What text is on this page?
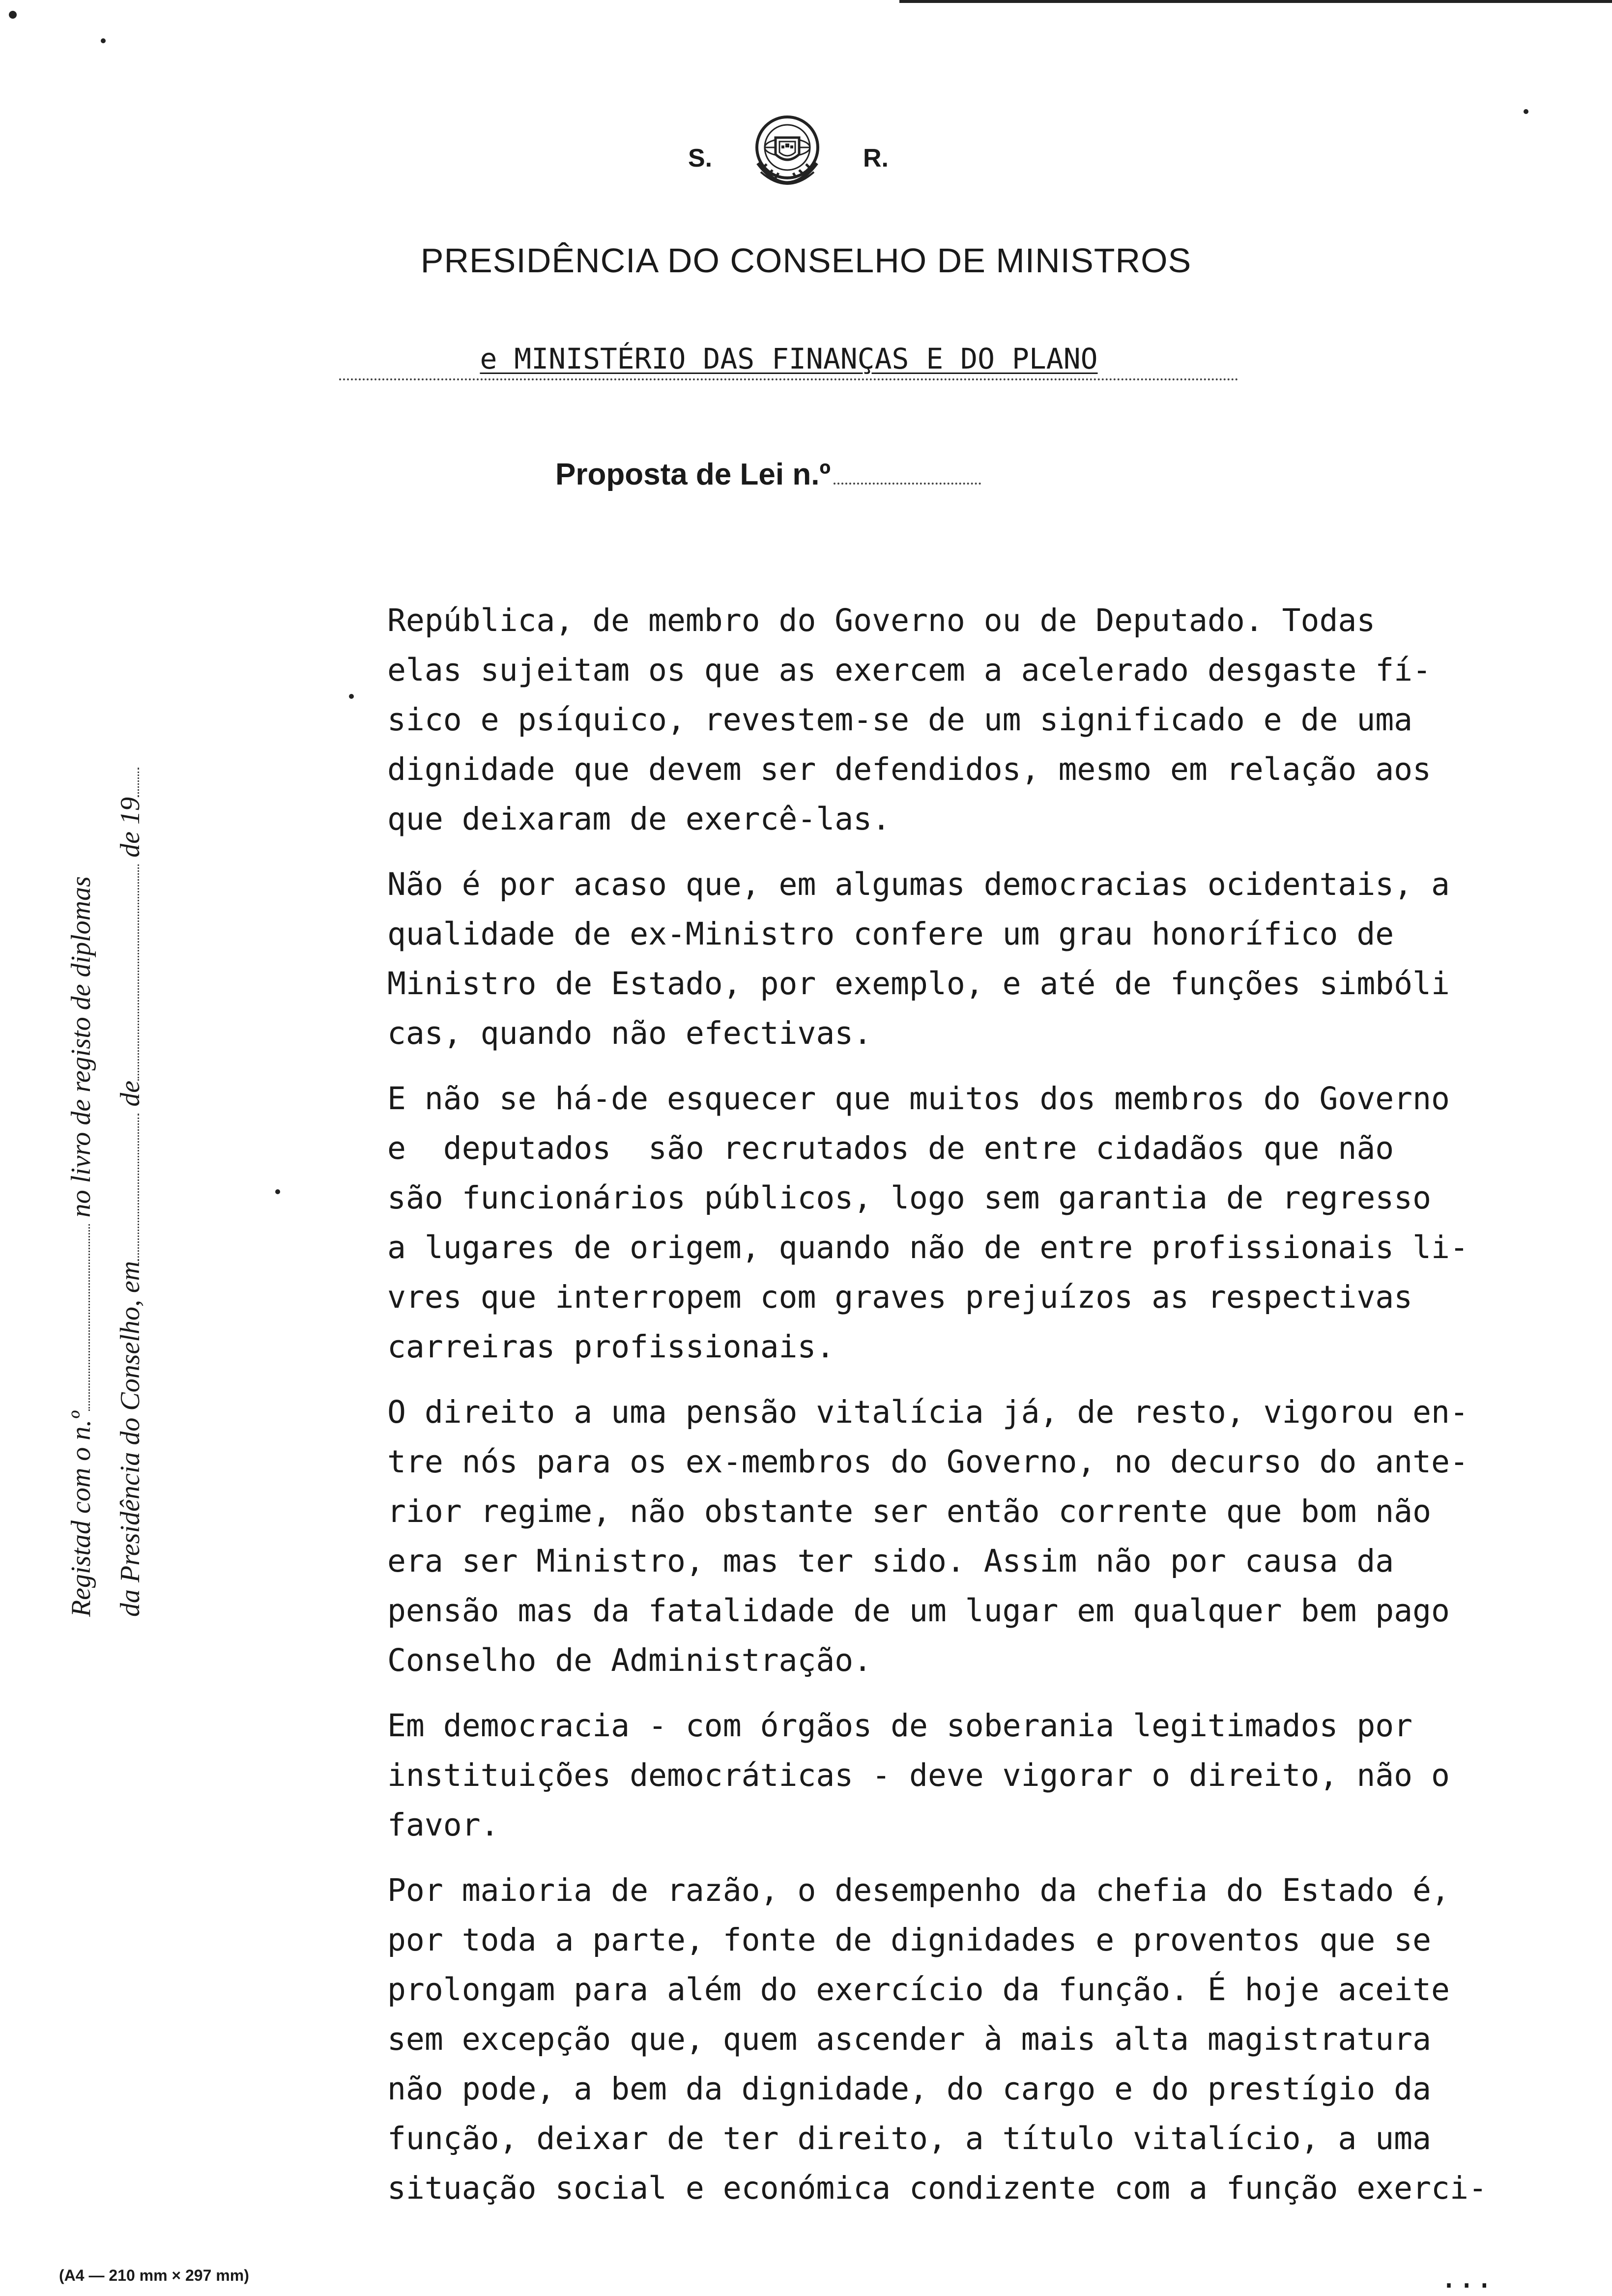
S.	R.
PRESIDÊNCIA DO CONSELHO DE MINISTROS
e MINISTÉRIO DAS FINANÇAS E DO PLANO
Proposta de Lei n.º
Registad

com o n.º

no livro de registo de diplomas
da Presidência do Conselho, em

de

de 19
República, de membro do Governo ou de Deputado. Todas
elas sujeitam os que as exercem a acelerado desgaste fí-
sico e psíquico, revestem-se de um significado e de uma
dignidade que devem ser defendidos, mesmo em relação aos
que deixaram de exercê-las.
Não é por acaso que, em algumas democracias ocidentais, a
qualidade de ex-Ministro confere um grau honorífico de
Ministro de Estado, por exemplo, e até de funções simbóli
cas, quando não efectivas.
E não se há-de esquecer que muitos dos membros do Governo
e  deputados  são recrutados de entre cidadãos que não
são funcionários públicos, logo sem garantia de regresso
a lugares de origem, quando não de entre profissionais li-
vres que interropem com graves prejuízos as respectivas
carreiras profissionais.
O direito a uma pensão vitalícia já, de resto, vigorou en-
tre nós para os ex-membros do Governo, no decurso do ante-
rior regime, não obstante ser então corrente que bom não
era ser Ministro, mas ter sido. Assim não por causa da
pensão mas da fatalidade de um lugar em qualquer bem pago
Conselho de Administração.
Em democracia - com órgãos de soberania legitimados por
instituições democráticas - deve vigorar o direito, não o
favor.
Por maioria de razão, o desempenho da chefia do Estado é,
por toda a parte, fonte de dignidades e proventos que se
prolongam para além do exercício da função. É hoje aceite
sem excepção que, quem ascender à mais alta magistratura
não pode, a bem da dignidade, do cargo e do prestígio da
função, deixar de ter direito, a título vitalício, a uma
situação social e económica condizente com a função exerci-
(A4 — 210 mm × 297 mm)	...
